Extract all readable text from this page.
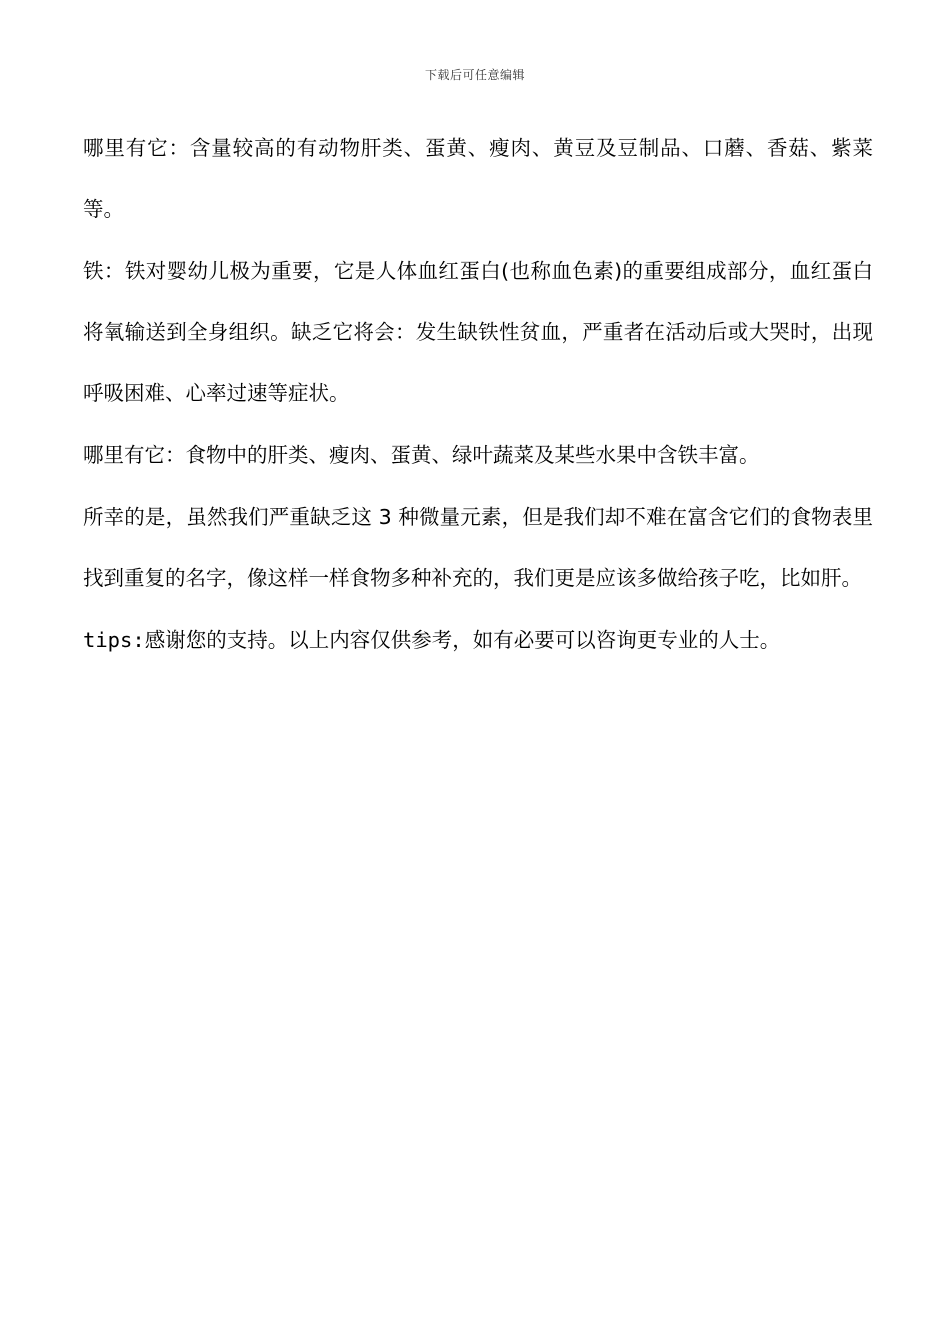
下载后可任意编辑

哪里有它：含量较高的有动物肝类、蛋黄、瘦肉、黄豆及豆制品、口蘑、香菇、紫菜等。

铁：铁对婴幼儿极为重要，它是人体血红蛋白(也称血色素)的重要组成部分，血红蛋白将氧输送到全身组织。缺乏它将会：发生缺铁性贫血，严重者在活动后或大哭时，出现呼吸困难、心率过速等症状。

哪里有它：食物中的肝类、瘦肉、蛋黄、绿叶蔬菜及某些水果中含铁丰富。

所幸的是，虽然我们严重缺乏这 3 种微量元素，但是我们却不难在富含它们的食物表里找到重复的名字，像这样一样食物多种补充的，我们更是应该多做给孩子吃，比如肝。

tips:感谢您的支持。以上内容仅供参考，如有必要可以咨询更专业的人士。
